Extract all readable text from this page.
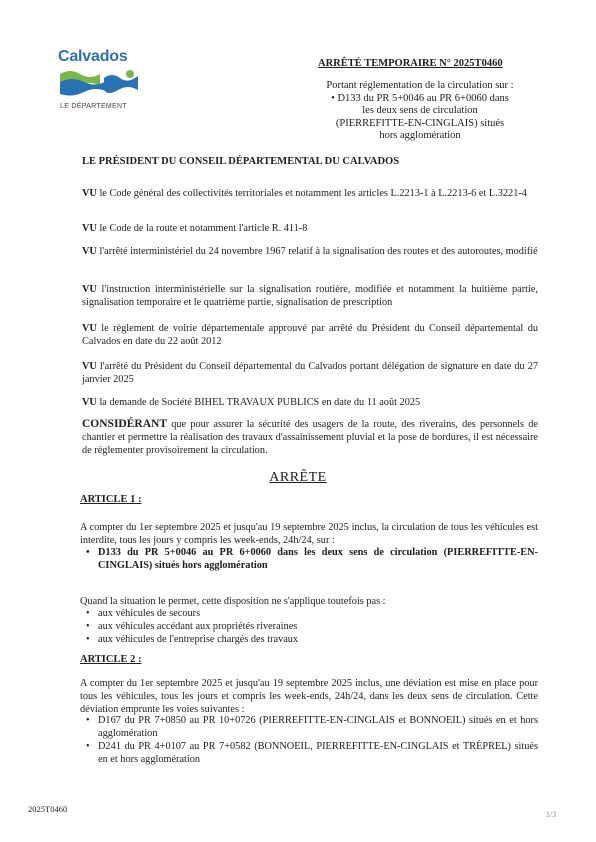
Calvados
LE DÉPARTEMENT
ARRÊTÉ TEMPORAIRE N° 2025T0460
Portant réglementation de la circulation sur :
• D133 du PR 5+0046 au PR 6+0060 dans
les deux sens de circulation
(PIERREFITTE-EN-CINGLAIS) situés
hors agglomération
LE PRÉSIDENT DU CONSEIL DÉPARTEMENTAL DU CALVADOS
VU le Code général des collectivités territoriales et notamment les articles L.2213-1 à L.2213-6 et L.3221-4
VU le Code de la route et notamment l'article R. 411-8
VU l'arrêté interministériel du 24 novembre 1967 relatif à la signalisation des routes et des autoroutes, modifié
VU l'instruction interministérielle sur la signalisation routière, modifiée et notamment la huitième partie, signalisation temporaire et le quatrième partie, signalisation de prescription
VU le règlement de voirie départementale approuvé par arrêté du Président du Conseil départemental du Calvados en date du 22 août 2012
VU l'arrêté du Président du Conseil départemental du Calvados portant délégation de signature en date du 27 janvier 2025
VU la demande de Société BIHEL TRAVAUX PUBLICS en date du 11 août 2025
CONSIDÉRANT que pour assurer la sécurité des usagers de la route, des riverains, des personnels de chantier et permettre la réalisation des travaux d'assainissement pluvial et la pose de bordures, il est nécessaire de réglementer provisoirement la circulation.
ARRÊTE
ARTICLE 1 :
A compter du 1er septembre 2025 et jusqu'au 19 septembre 2025 inclus, la circulation de tous les véhicules est interdite, tous les jours y compris les week-ends, 24h/24, sur :
• D133 du PR 5+0046 au PR 6+0060 dans les deux sens de circulation (PIERREFITTE-EN-CINGLAIS) situés hors agglomération
Quand la situation le permet, cette disposition ne s'applique toutefois pas :
• aux véhicules de secours
• aux véhicules accédant aux propriétés riveraines
• aux véhicules de l'entreprise chargés des travaux
ARTICLE 2 :
A compter du 1er septembre 2025 et jusqu'au 19 septembre 2025 inclus, une déviation est mise en place pour tous les véhicules, tous les jours et compris les week-ends, 24h/24, dans les deux sens de circulation. Cette déviation emprunte les voies suivantes :
• D167 du PR 7+0850 au PR 10+0726 (PIERREFITTE-EN-CINGLAIS et BONNOEIL) situés en et hors agglomération
• D241 du PR 4+0107 au PR 7+0582 (BONNOEIL, PIERREFITTE-EN-CINGLAIS et TRÉPREL) situés en et hors agglomération
2025T0460
1/3
